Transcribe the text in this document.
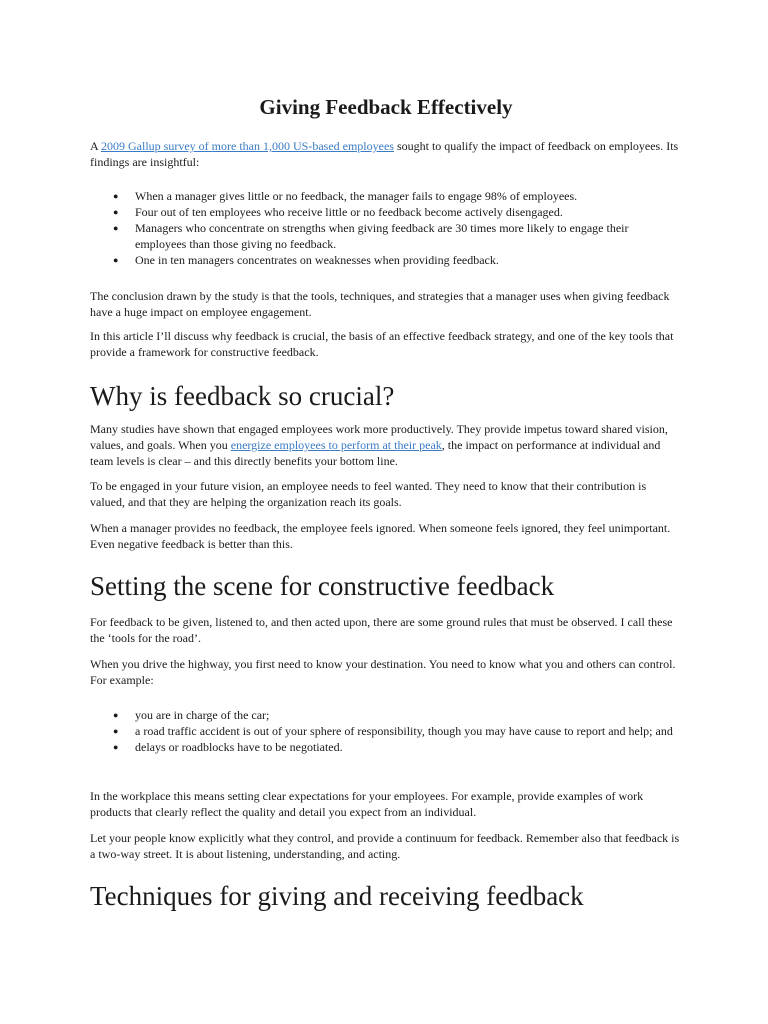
Giving Feedback Effectively

A 2009 Gallup survey of more than 1,000 US-based employees sought to qualify the impact of feedback on employees. Its findings are insightful:

● When a manager gives little or no feedback, the manager fails to engage 98% of employees.
● Four out of ten employees who receive little or no feedback become actively disengaged.
● Managers who concentrate on strengths when giving feedback are 30 times more likely to engage their employees than those giving no feedback.
● One in ten managers concentrates on weaknesses when providing feedback.

The conclusion drawn by the study is that the tools, techniques, and strategies that a manager uses when giving feedback have a huge impact on employee engagement.

In this article I’ll discuss why feedback is crucial, the basis of an effective feedback strategy, and one of the key tools that provide a framework for constructive feedback.

Why is feedback so crucial?

Many studies have shown that engaged employees work more productively. They provide impetus toward shared vision, values, and goals. When you energize employees to perform at their peak, the impact on performance at individual and team levels is clear – and this directly benefits your bottom line.

To be engaged in your future vision, an employee needs to feel wanted. They need to know that their contribution is valued, and that they are helping the organization reach its goals.

When a manager provides no feedback, the employee feels ignored. When someone feels ignored, they feel unimportant. Even negative feedback is better than this.

Setting the scene for constructive feedback

For feedback to be given, listened to, and then acted upon, there are some ground rules that must be observed. I call these the ‘tools for the road’.

When you drive the highway, you first need to know your destination. You need to know what you and others can control. For example:

● you are in charge of the car;
● a road traffic accident is out of your sphere of responsibility, though you may have cause to report and help; and
● delays or roadblocks have to be negotiated.

In the workplace this means setting clear expectations for your employees. For example, provide examples of work products that clearly reflect the quality and detail you expect from an individual.

Let your people know explicitly what they control, and provide a continuum for feedback. Remember also that feedback is a two-way street. It is about listening, understanding, and acting.

Techniques for giving and receiving feedback
